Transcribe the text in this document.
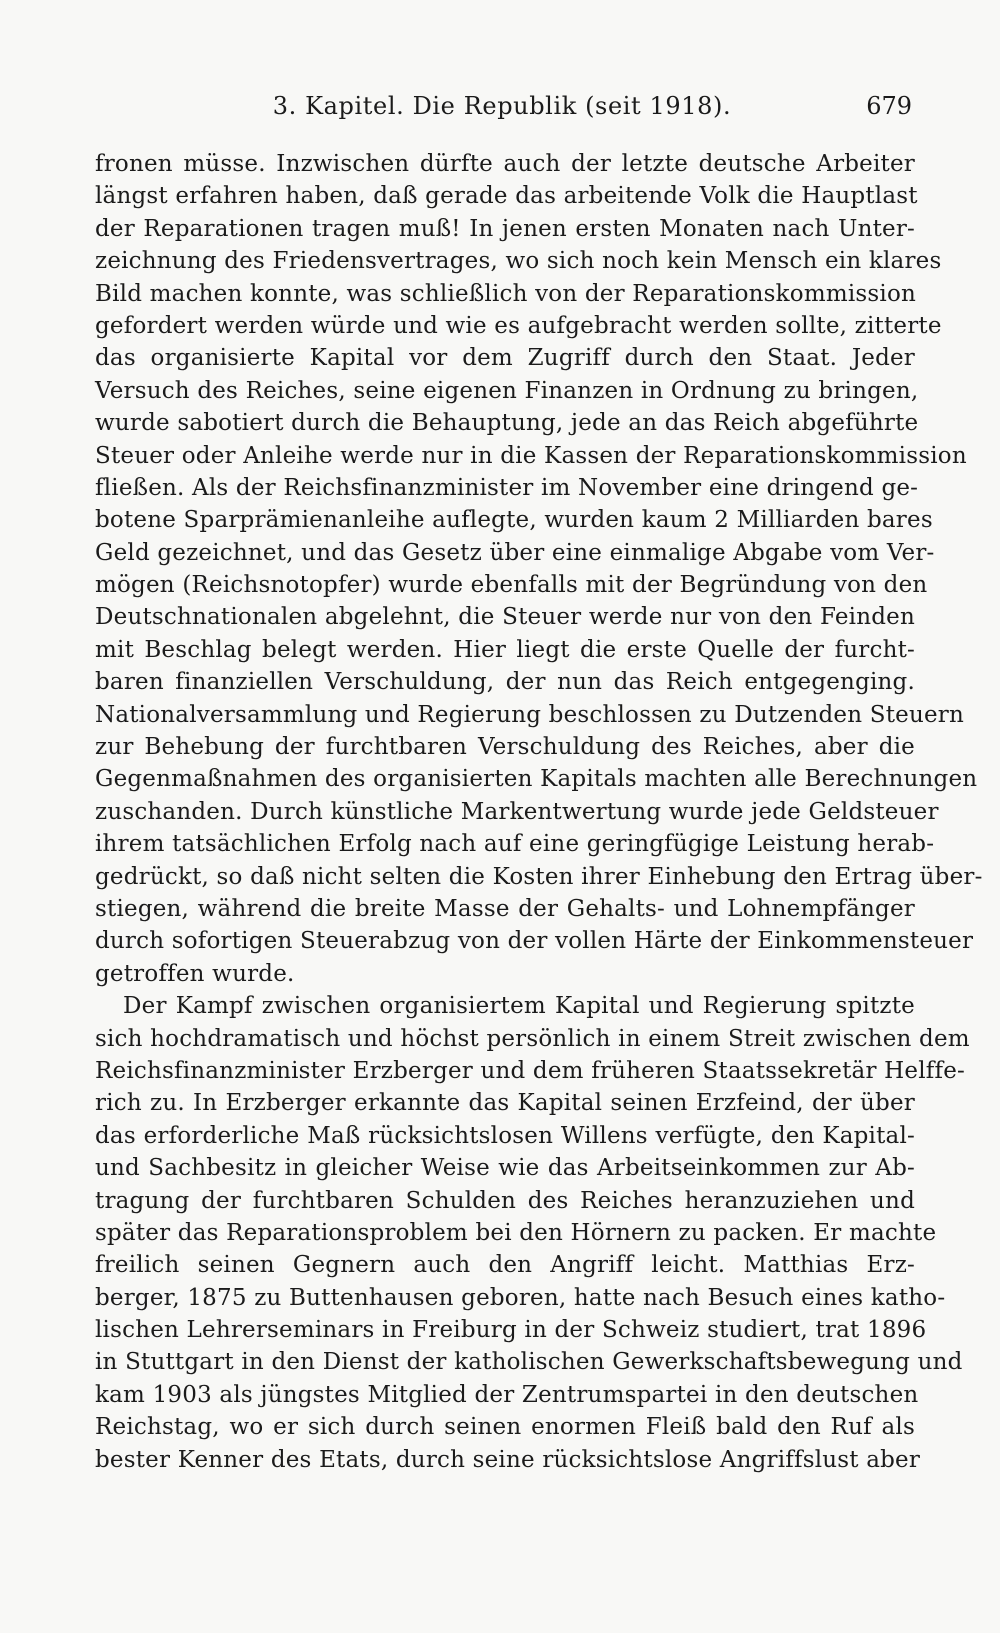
3. Kapitel. Die Republik (seit 1918).	679
fronen müsse. Inzwischen dürfte auch der letzte deutsche Arbeiter
längst erfahren haben, daß gerade das arbeitende Volk die Hauptlast
der Reparationen tragen muß! In jenen ersten Monaten nach Unter-
zeichnung des Friedensvertrages, wo sich noch kein Mensch ein klares
Bild machen konnte, was schließlich von der Reparationskommission
gefordert werden würde und wie es aufgebracht werden sollte, zitterte
das organisierte Kapital vor dem Zugriff durch den Staat. Jeder
Versuch des Reiches, seine eigenen Finanzen in Ordnung zu bringen,
wurde sabotiert durch die Behauptung, jede an das Reich abgeführte
Steuer oder Anleihe werde nur in die Kassen der Reparationskommission
fließen. Als der Reichsfinanzminister im November eine dringend ge-
botene Sparprämienanleihe auflegte, wurden kaum 2 Milliarden bares
Geld gezeichnet, und das Gesetz über eine einmalige Abgabe vom Ver-
mögen (Reichsnotopfer) wurde ebenfalls mit der Begründung von den
Deutschnationalen abgelehnt, die Steuer werde nur von den Feinden
mit Beschlag belegt werden. Hier liegt die erste Quelle der furcht-
baren finanziellen Verschuldung, der nun das Reich entgegenging.
Nationalversammlung und Regierung beschlossen zu Dutzenden Steuern
zur Behebung der furchtbaren Verschuldung des Reiches, aber die
Gegenmaßnahmen des organisierten Kapitals machten alle Berechnungen
zuschanden. Durch künstliche Markentwertung wurde jede Geldsteuer
ihrem tatsächlichen Erfolg nach auf eine geringfügige Leistung herab-
gedrückt, so daß nicht selten die Kosten ihrer Einhebung den Ertrag über-
stiegen, während die breite Masse der Gehalts- und Lohnempfänger
durch sofortigen Steuerabzug von der vollen Härte der Einkommensteuer
getroffen wurde.
Der Kampf zwischen organisiertem Kapital und Regierung spitzte
sich hochdramatisch und höchst persönlich in einem Streit zwischen dem
Reichsfinanzminister Erzberger und dem früheren Staatssekretär Helffe-
rich zu. In Erzberger erkannte das Kapital seinen Erzfeind, der über
das erforderliche Maß rücksichtslosen Willens verfügte, den Kapital-
und Sachbesitz in gleicher Weise wie das Arbeitseinkommen zur Ab-
tragung der furchtbaren Schulden des Reiches heranzuziehen und
später das Reparationsproblem bei den Hörnern zu packen. Er machte
freilich seinen Gegnern auch den Angriff leicht. Matthias Erz-
berger, 1875 zu Buttenhausen geboren, hatte nach Besuch eines katho-
lischen Lehrerseminars in Freiburg in der Schweiz studiert, trat 1896
in Stuttgart in den Dienst der katholischen Gewerkschaftsbewegung und
kam 1903 als jüngstes Mitglied der Zentrumspartei in den deutschen
Reichstag, wo er sich durch seinen enormen Fleiß bald den Ruf als
bester Kenner des Etats, durch seine rücksichtslose Angriffslust aber
